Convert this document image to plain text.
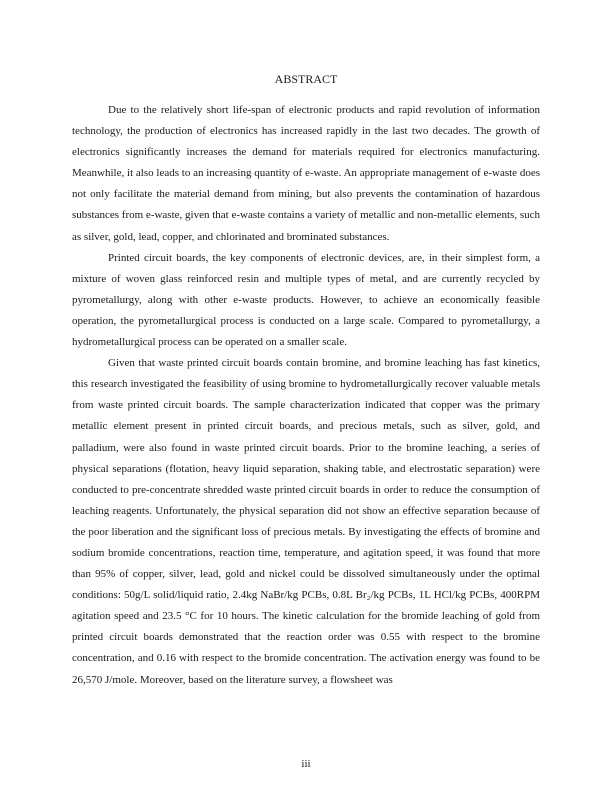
ABSTRACT

Due to the relatively short life-span of electronic products and rapid revolution of information technology, the production of electronics has increased rapidly in the last two decades. The growth of electronics significantly increases the demand for materials required for electronics manufacturing. Meanwhile, it also leads to an increasing quantity of e-waste. An appropriate management of e-waste does not only facilitate the material demand from mining, but also prevents the contamination of hazardous substances from e-waste, given that e-waste contains a variety of metallic and non-metallic elements, such as silver, gold, lead, copper, and chlorinated and brominated substances.

Printed circuit boards, the key components of electronic devices, are, in their simplest form, a mixture of woven glass reinforced resin and multiple types of metal, and are currently recycled by pyrometallurgy, along with other e-waste products. However, to achieve an economically feasible operation, the pyrometallurgical process is conducted on a large scale. Compared to pyrometallurgy, a hydrometallurgical process can be operated on a smaller scale.

Given that waste printed circuit boards contain bromine, and bromine leaching has fast kinetics, this research investigated the feasibility of using bromine to hydrometallurgically recover valuable metals from waste printed circuit boards. The sample characterization indicated that copper was the primary metallic element present in printed circuit boards, and precious metals, such as silver, gold, and palladium, were also found in waste printed circuit boards. Prior to the bromine leaching, a series of physical separations (flotation, heavy liquid separation, shaking table, and electrostatic separation) were conducted to pre-concentrate shredded waste printed circuit boards in order to reduce the consumption of leaching reagents. Unfortunately, the physical separation did not show an effective separation because of the poor liberation and the significant loss of precious metals. By investigating the effects of bromine and sodium bromide concentrations, reaction time, temperature, and agitation speed, it was found that more than 95% of copper, silver, lead, gold and nickel could be dissolved simultaneously under the optimal conditions: 50g/L solid/liquid ratio, 2.4kg NaBr/kg PCBs, 0.8L Br₂/kg PCBs, 1L HCl/kg PCBs, 400RPM agitation speed and 23.5 °C for 10 hours. The kinetic calculation for the bromide leaching of gold from printed circuit boards demonstrated that the reaction order was 0.55 with respect to the bromine concentration, and 0.16 with respect to the bromide concentration. The activation energy was found to be 26,570 J/mole. Moreover, based on the literature survey, a flowsheet was

iii
